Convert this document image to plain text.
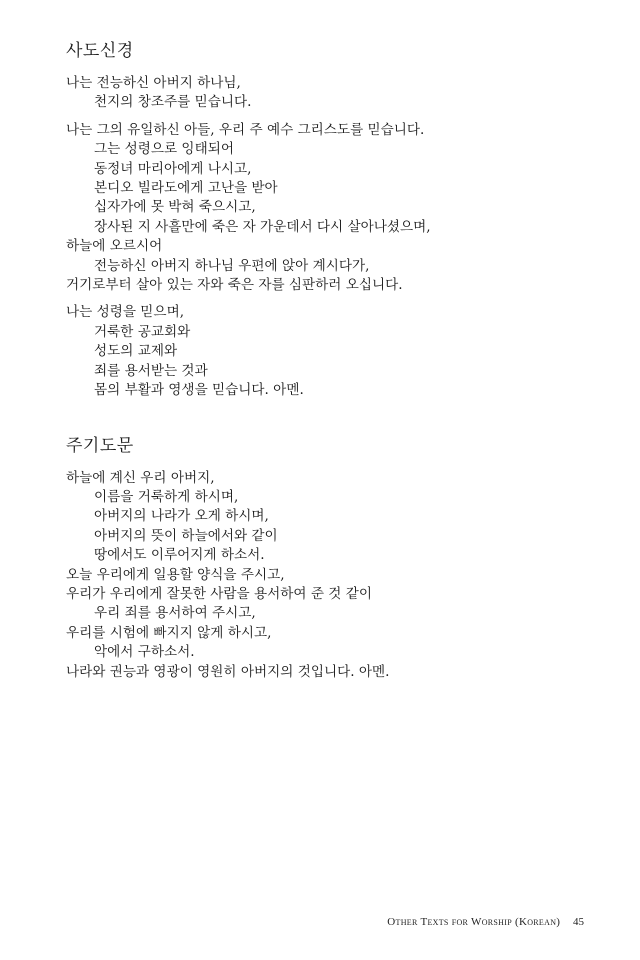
사도신경

나는 전능하신 아버지 하나님,

천지의 창조주를 믿습니다.

나는 그의 유일하신 아들, 우리 주 예수 그리스도를 믿습니다.

그는 성령으로 잉태되어

동정녀 마리아에게 나시고,

본디오 빌라도에게 고난을 받아

십자가에 못 박혀 죽으시고,

장사된 지 사흘만에 죽은 자 가운데서 다시 살아나셨으며,

하늘에 오르시어

전능하신 아버지 하나님 우편에 앉아 계시다가,

거기로부터 살아 있는 자와 죽은 자를 심판하러 오십니다.

나는 성령을 믿으며,

거룩한 공교회와

성도의 교제와

죄를 용서받는 것과

몸의 부활과 영생을 믿습니다. 아멘.

주기도문

하늘에 계신 우리 아버지,

이름을 거룩하게 하시며,

아버지의 나라가 오게 하시며,

아버지의 뜻이 하늘에서와 같이

땅에서도 이루어지게 하소서.

오늘 우리에게 일용할 양식을 주시고,

우리가 우리에게 잘못한 사람을 용서하여 준 것 같이

우리 죄를 용서하여 주시고,

우리를 시험에 빠지지 않게 하시고,

악에서 구하소서.

나라와 권능과 영광이 영원히 아버지의 것입니다. 아멘.

Other Texts for Worship (Korean) 45
